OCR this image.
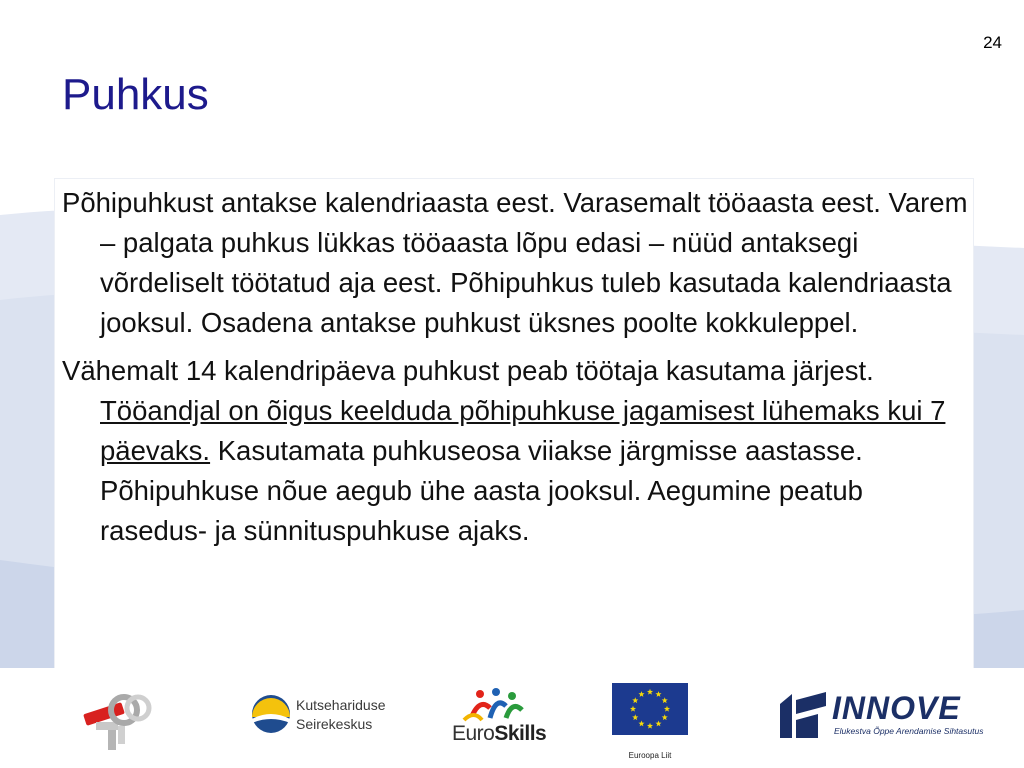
24
Puhkus

Põhipuhkust antakse kalendriaasta eest. Varasemalt tööaasta eest. Varem – palgata puhkus lükkas tööaasta lõpu edasi – nüüd antaksegi võrdeliselt töötatud aja eest. Põhipuhkus tuleb kasutada kalendriaasta jooksul. Osadena antakse puhkust üksnes poolte kokkuleppel.

Vähemalt 14 kalendripäeva puhkust peab töötaja kasutama järjest. Tööandjal on õigus keelduda põhipuhkuse jagamisest lühemaks kui 7 päevaks. Kasutamata puhkuseosa viiakse järgmisse aastasse. Põhipuhkuse nõue aegub ühe aasta jooksul. Aegumine peatub rasedus- ja sünnituspuhkuse ajaks.

Kutsehariduse
Seirekeskus	EuroSkills
Euroopa Liit
INNOVE
Elukestva Õppe Arendamise Sihtasutus
